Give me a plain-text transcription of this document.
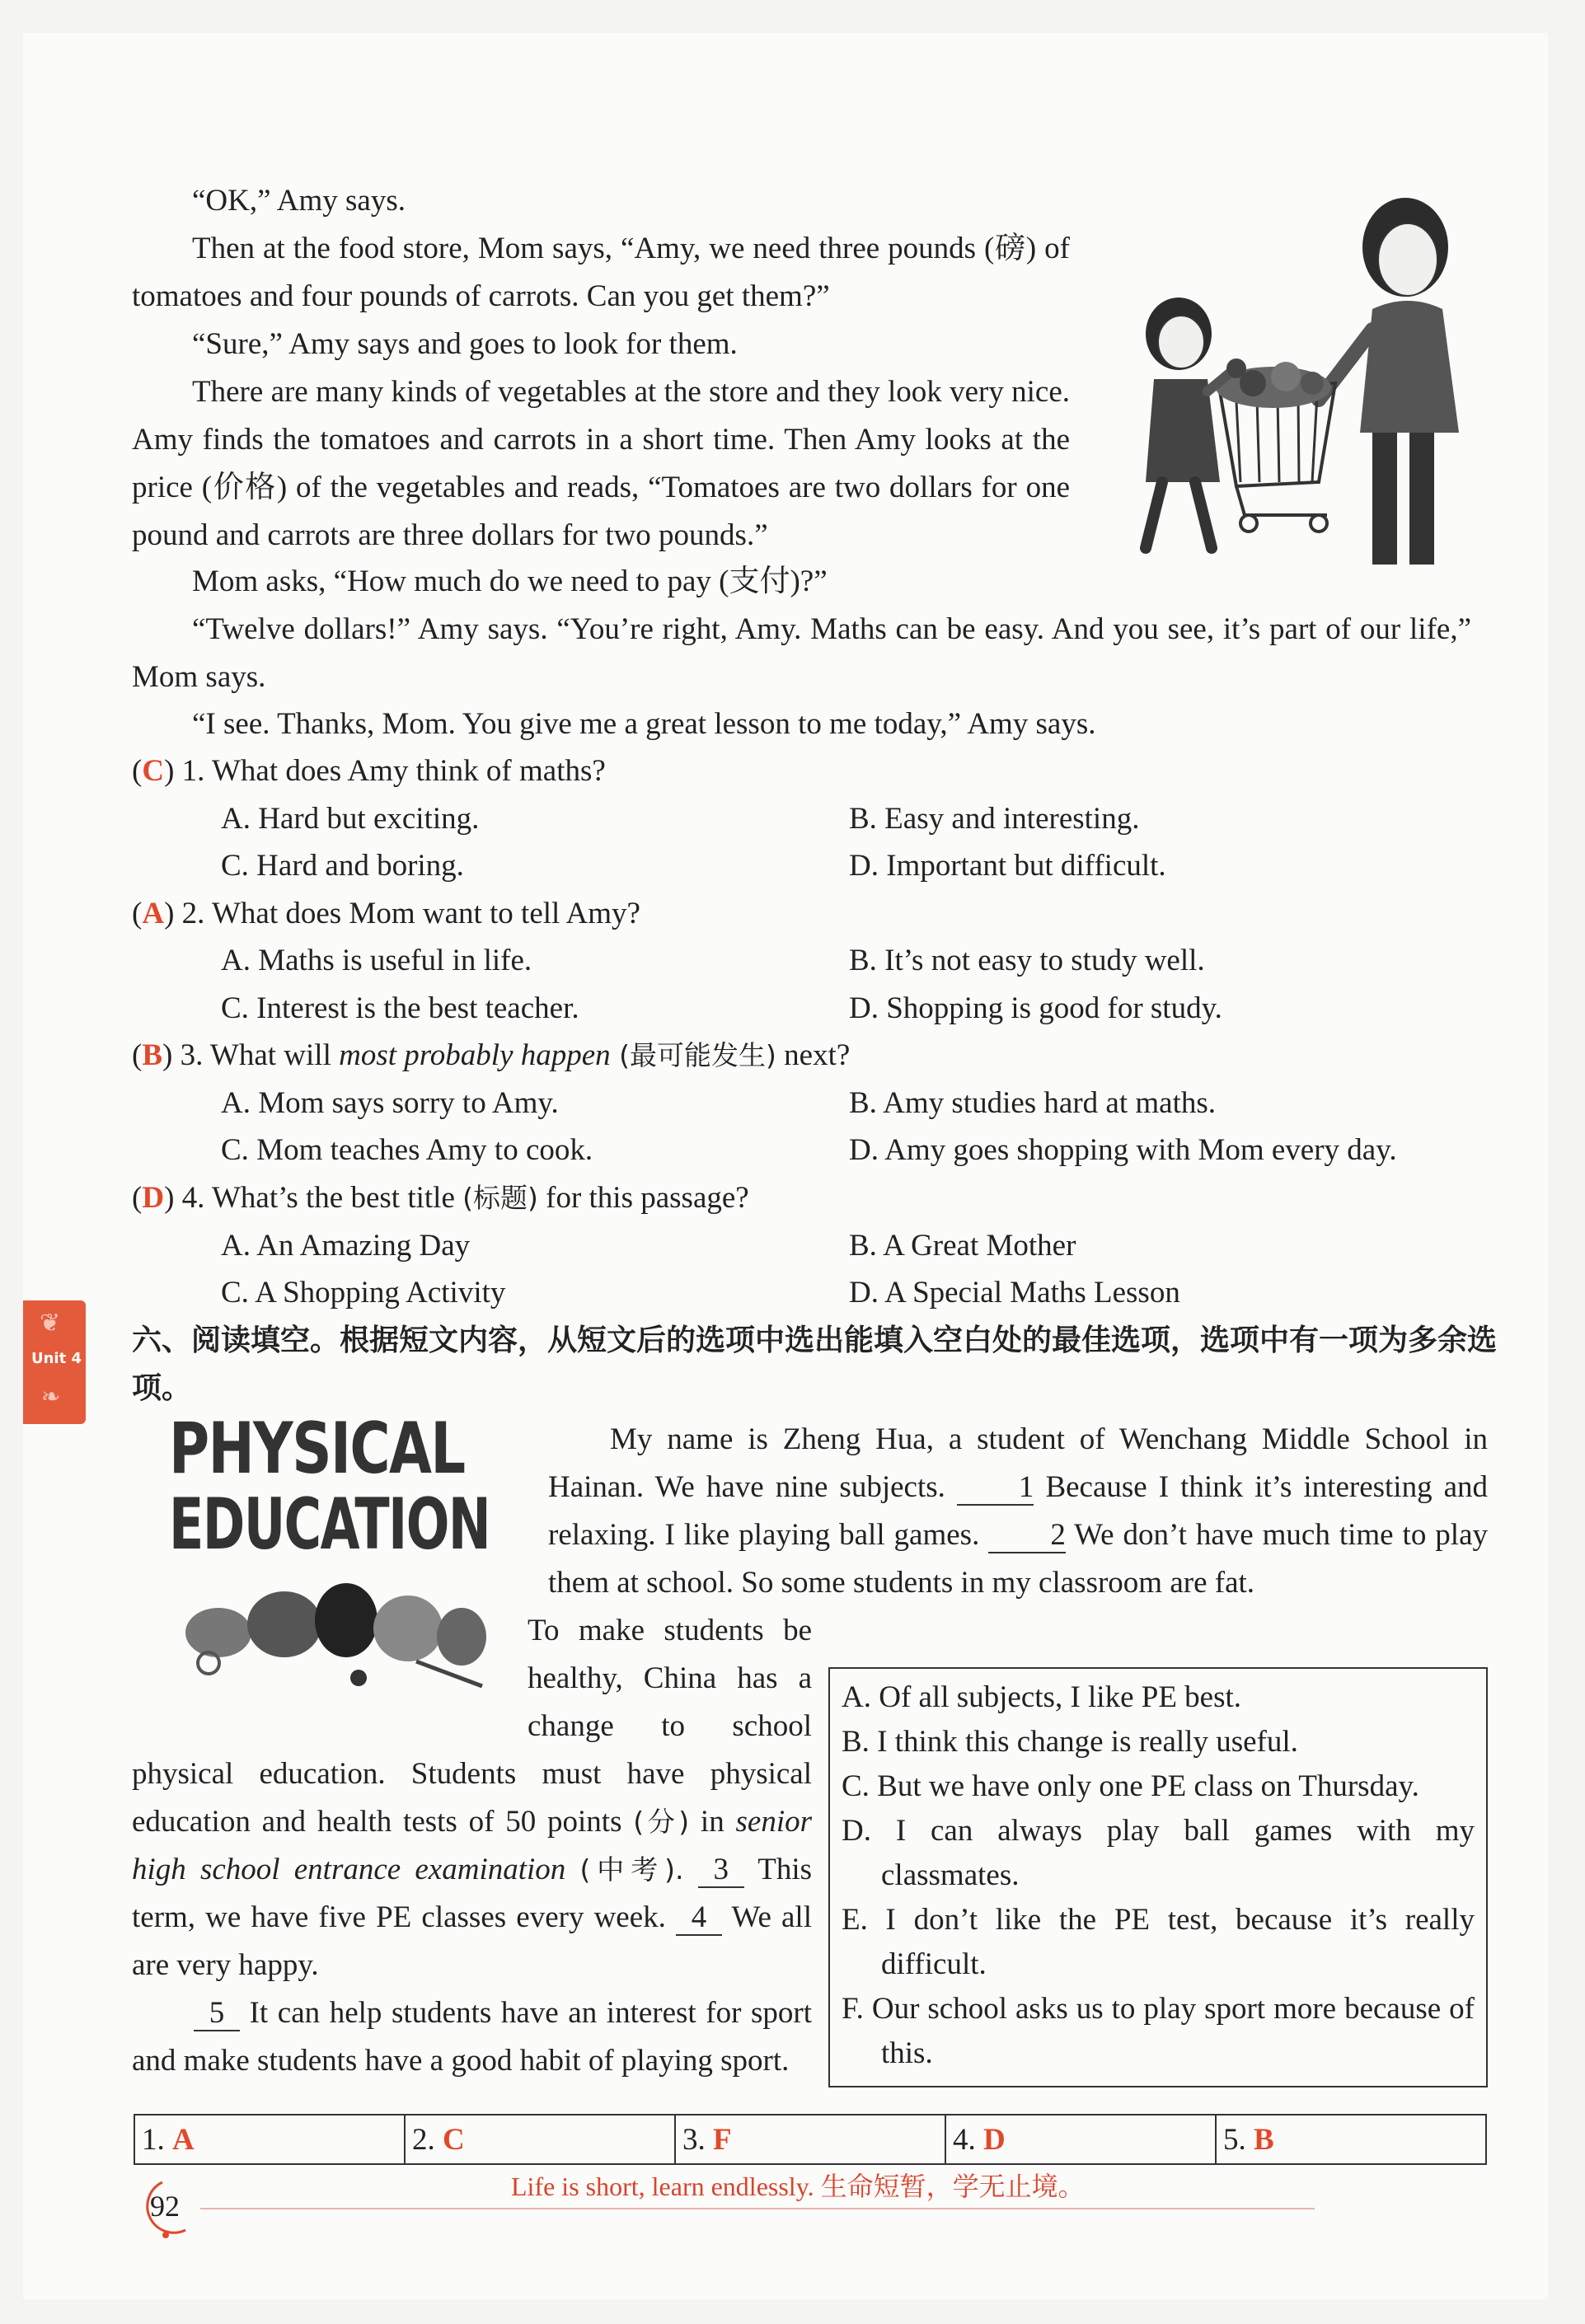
“OK,” Amy says.
Then at the food store, Mom says, “Amy, we need three pounds (磅) of tomatoes and four pounds of carrots. Can you get them?”
“Sure,” Amy says and goes to look for them.
There are many kinds of vegetables at the store and they look very nice. Amy finds the tomatoes and carrots in a short time. Then Amy looks at the price (价格) of the vegetables and reads, “Tomatoes are two dollars for one pound and carrots are three dollars for two pounds.”
Mom asks, “How much do we need to pay (支付)?”
“Twelve dollars!” Amy says. “You’re right, Amy. Maths can be easy. And you see, it’s part of our life,” Mom says.
“I see. Thanks, Mom. You give me a great lesson to me today,” Amy says.
(C) 1. What does Amy think of maths?
A. Hard but exciting.	B. Easy and interesting.
C. Hard and boring.	D. Important but difficult.
(A) 2. What does Mom want to tell Amy?
A. Maths is useful in life.	B. It’s not easy to study well.
C. Interest is the best teacher.	D. Shopping is good for study.
(B) 3. What will most probably happen (最可能发生) next?
A. Mom says sorry to Amy.	B. Amy studies hard at maths.
C. Mom teaches Amy to cook.	D. Amy goes shopping with Mom every day.
(D) 4. What’s the best title (标题) for this passage?
A. An Amazing Day	B. A Great Mother
C. A Shopping Activity	D. A Special Maths Lesson
❦
Unit 4
❧
六、阅读填空。根据短文内容，从短文后的选项中选出能填入空白处的最佳选项，选项中有一项为多余选项。
PHYSICAL
EDUCATION
My name is Zheng Hua, a student of Wenchang Middle School in Hainan. We have nine subjects. 1 Because I think it’s interesting and relaxing. I like playing ball games. 2 We don’t have much time to play them at school. So some students in my classroom are fat.
To make students be healthy, China has a change to school physical education. Students must have physical education and health tests of 50 points (分) in senior high school entrance examination (中考). 3 This term, we have five PE classes every week. 4 We all are very happy.
5 It can help students have an interest for sport and make students have a good habit of playing sport.
A. Of all subjects, I like PE best.
B. I think this change is really useful.
C. But we have only one PE class on Thursday.
D. I can always play ball games with my classmates.
E. I don’t like the PE test, because it’s really difficult.
F. Our school asks us to play sport more because of this.
1. A	2. C	3. F	4. D	5. B
92
Life is short, learn endlessly. 生命短暂，学无止境。
